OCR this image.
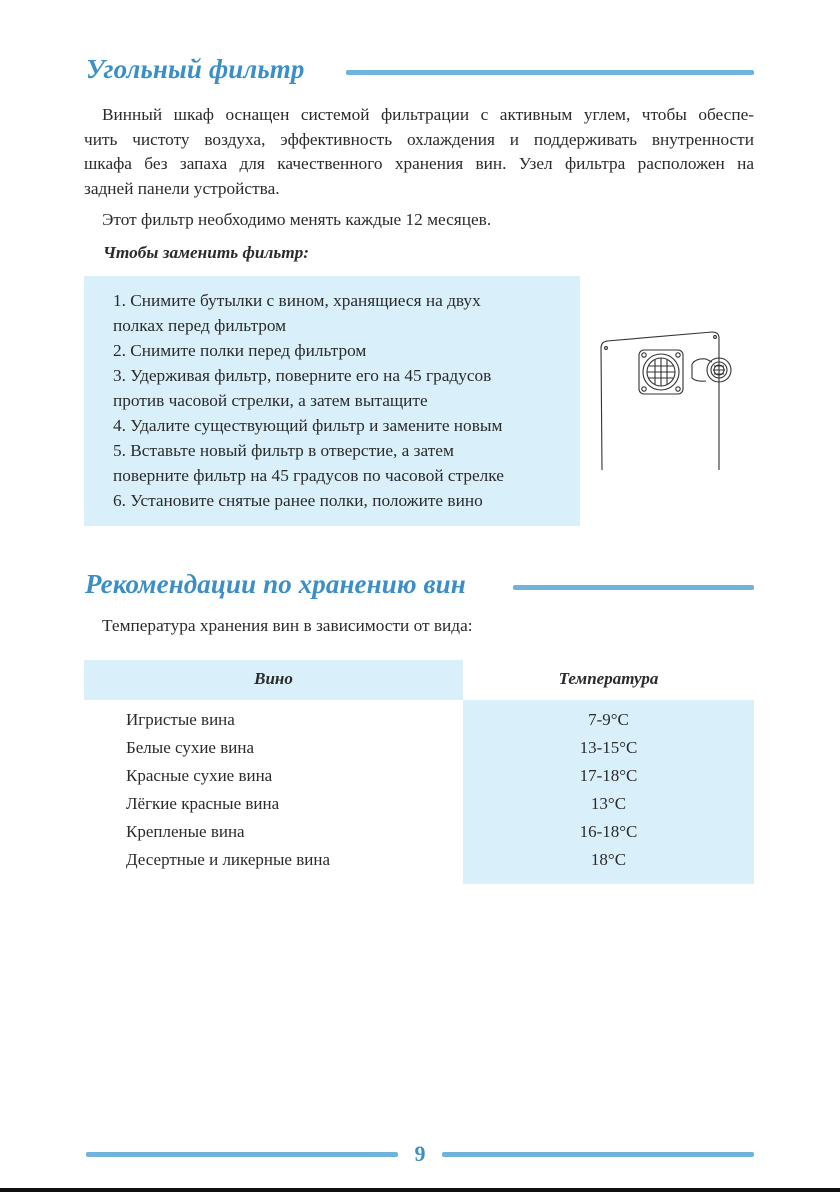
Угольный фильтр
Винный шкаф оснащен системой фильтрации с активным углем, чтобы обеспе-
чить чистоту воздуха, эффективность охлаждения и поддерживать внутренности
шкафа без запаха для качественного хранения вин. Узел фильтра расположен на
задней панели устройства.
Этот фильтр необходимо менять каждые 12 месяцев.
Чтобы заменить фильтр:
1. Снимите бутылки с вином, хранящиеся на двух
полках перед фильтром
2. Снимите полки перед фильтром
3. Удерживая фильтр, поверните его на 45 градусов
против часовой стрелки, а затем вытащите
4. Удалите существующий фильтр и замените новым
5. Вставьте новый фильтр в отверстие, а затем
поверните фильтр на 45 градусов по часовой стрелке
6. Установите снятые ранее полки, положите вино
Рекомендации по хранению вин
Температура хранения вин в зависимости от вида:
Вино	Температура
Игристые вина
Белые сухие вина
Красные сухие вина
Лёгкие красные вина
Крепленые вина
Десертные и ликерные вина
7-9°C
13-15°C
17-18°C
13°C
16-18°C
18°C
9
